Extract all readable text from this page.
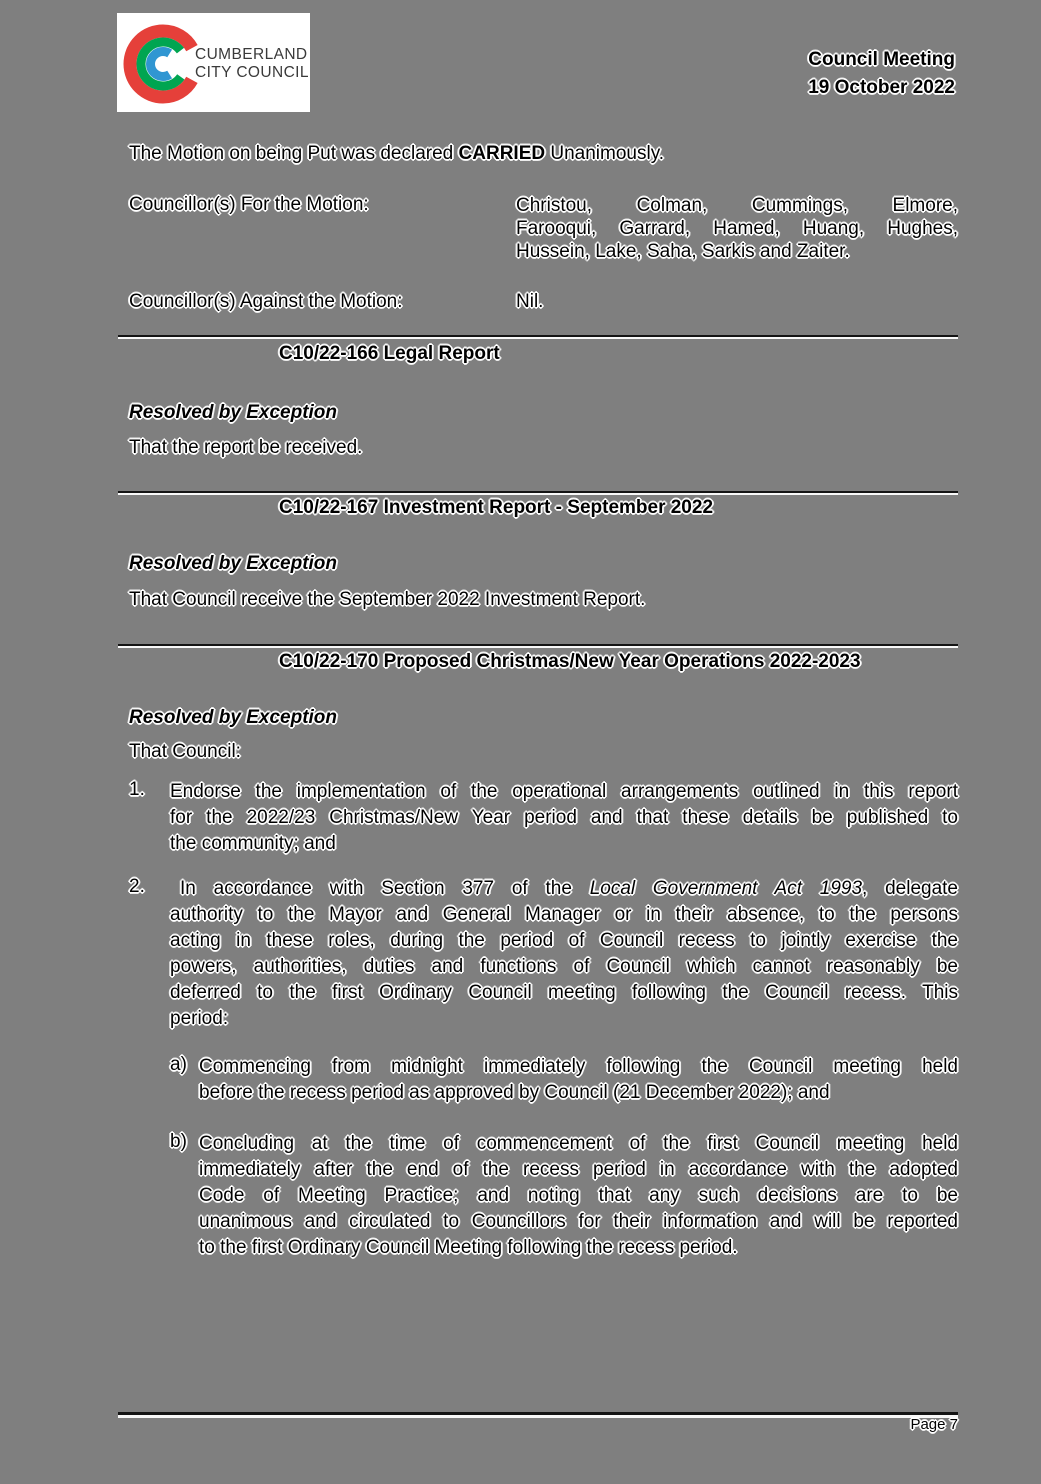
CUMBERLAND
CITY COUNCIL
Council Meeting
19 October 2022
The Motion on being Put was declared CARRIED Unanimously.
Councillor(s) For the Motion:	Christou, Colman, Cummings, Elmore,
Farooqui, Garrard, Hamed, Huang, Hughes,
Hussein, Lake, Saha, Sarkis and Zaiter.
Councillor(s) Against the Motion:	Nil.
C10/22-166 Legal Report
Resolved by Exception
That the report be received.
C10/22-167 Investment Report - September 2022
Resolved by Exception
That Council receive the September 2022 Investment Report.
C10/22-170 Proposed Christmas/New Year Operations 2022-2023
Resolved by Exception
That Council:
1.	Endorse the implementation of the operational arrangements outlined in this report
for the 2022/23 Christmas/New Year period and that these details be published to
the community; and
2.	In accordance with Section 377 of the Local Government Act 1993, delegate
authority to the Mayor and General Manager or in their absence, to the persons
acting in these roles, during the period of Council recess to jointly exercise the
powers, authorities, duties and functions of Council which cannot reasonably be
deferred to the first Ordinary Council meeting following the Council recess. This
period:
a) Commencing from midnight immediately following the Council meeting held
before the recess period as approved by Council (21 December 2022); and
b) Concluding at the time of commencement of the first Council meeting held
immediately after the end of the recess period in accordance with the adopted
Code of Meeting Practice; and noting that any such decisions are to be
unanimous and circulated to Councillors for their information and will be reported
to the first Ordinary Council Meeting following the recess period.
Page 7
